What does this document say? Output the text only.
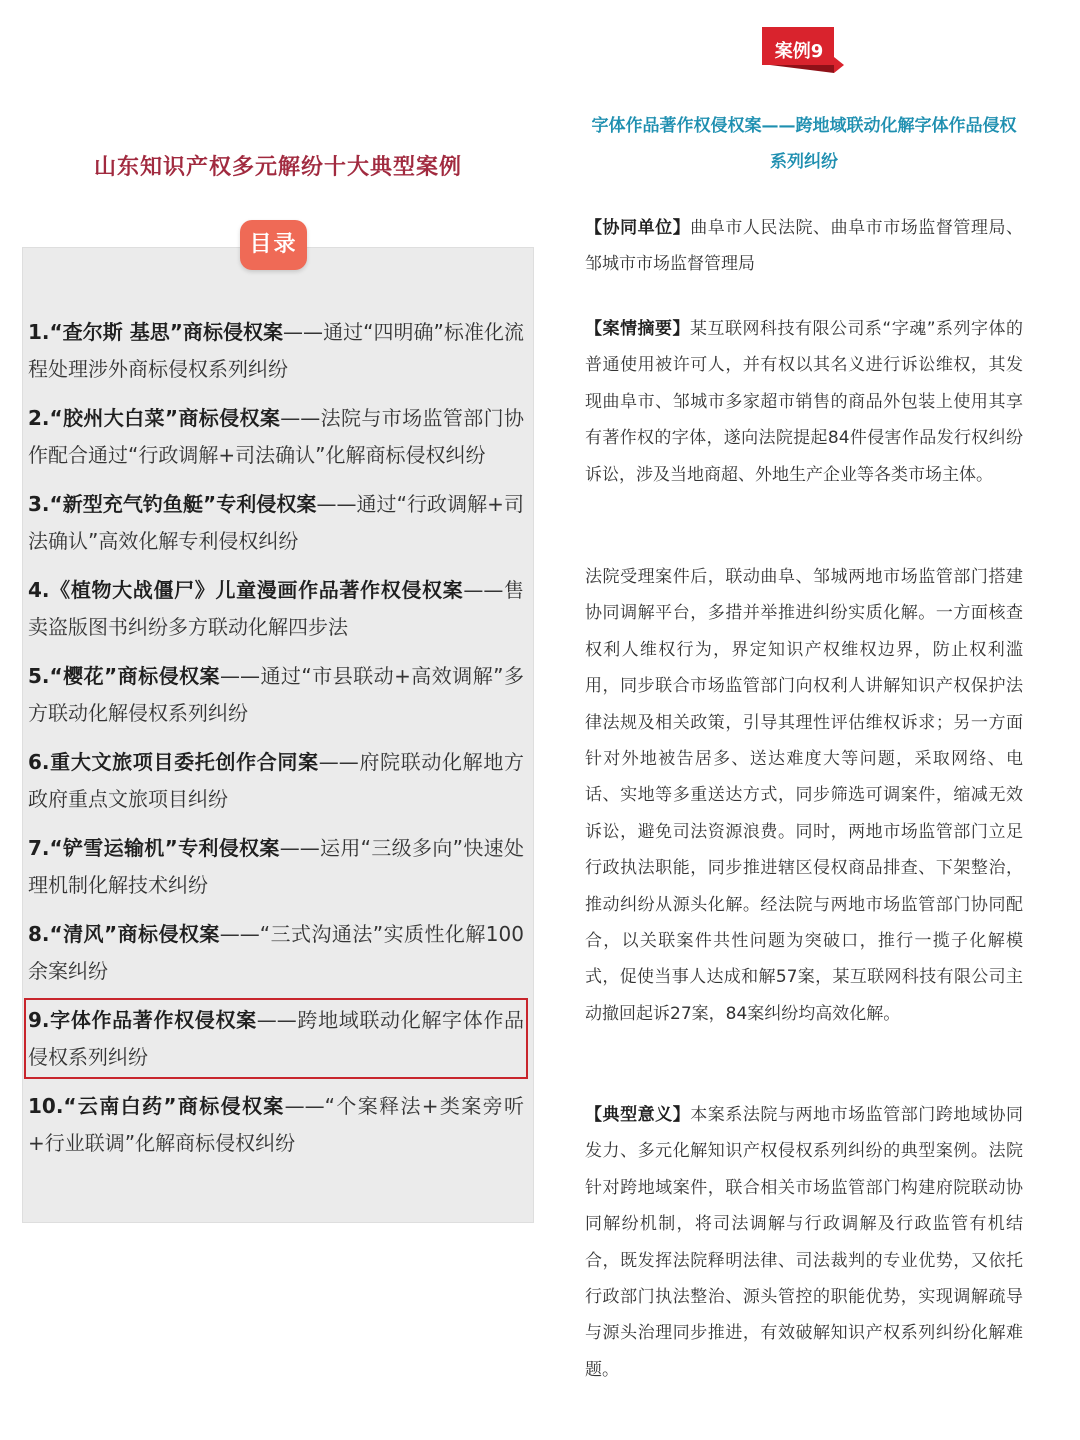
山东知识产权多元解纷十大典型案例
目录
1.“查尔斯 基思”商标侵权案——通过“四明确”标准化流程处理涉外商标侵权系列纠纷
2.“胶州大白菜”商标侵权案——法院与市场监管部门协作配合通过“行政调解+司法确认”化解商标侵权纠纷
3.“新型充气钓鱼艇”专利侵权案——通过“行政调解+司法确认”高效化解专利侵权纠纷
4.《植物大战僵尸》儿童漫画作品著作权侵权案——售卖盗版图书纠纷多方联动化解四步法
5.“樱花”商标侵权案——通过“市县联动+高效调解”多方联动化解侵权系列纠纷
6.重大文旅项目委托创作合同案——府院联动化解地方政府重点文旅项目纠纷
7.“铲雪运输机”专利侵权案——运用“三级多向”快速处理机制化解技术纠纷
8.“清风”商标侵权案——“三式沟通法”实质性化解100余案纠纷
9.字体作品著作权侵权案——跨地域联动化解字体作品侵权系列纠纷
10.“云南白药”商标侵权案——“个案释法+类案旁听+行业联调”化解商标侵权纠纷
案例9
字体作品著作权侵权案——跨地域联动化解字体作品侵权系列纠纷
【协同单位】曲阜市人民法院、曲阜市市场监督管理局、邹城市市场监督管理局
【案情摘要】某互联网科技有限公司系“字魂”系列字体的普通使用被许可人，并有权以其名义进行诉讼维权，其发现曲阜市、邹城市多家超市销售的商品外包装上使用其享有著作权的字体，遂向法院提起84件侵害作品发行权纠纷诉讼，涉及当地商超、外地生产企业等各类市场主体。
法院受理案件后，联动曲阜、邹城两地市场监管部门搭建协同调解平台，多措并举推进纠纷实质化解。一方面核查权利人维权行为，界定知识产权维权边界，防止权利滥用，同步联合市场监管部门向权利人讲解知识产权保护法律法规及相关政策，引导其理性评估维权诉求；另一方面针对外地被告居多、送达难度大等问题，采取网络、电话、实地等多重送达方式，同步筛选可调案件，缩减无效诉讼，避免司法资源浪费。同时，两地市场监管部门立足行政执法职能，同步推进辖区侵权商品排查、下架整治，推动纠纷从源头化解。经法院与两地市场监管部门协同配合，以关联案件共性问题为突破口，推行一揽子化解模式，促使当事人达成和解57案，某互联网科技有限公司主动撤回起诉27案，84案纠纷均高效化解。
【典型意义】本案系法院与两地市场监管部门跨地域协同发力、多元化解知识产权侵权系列纠纷的典型案例。法院针对跨地域案件，联合相关市场监管部门构建府院联动协同解纷机制，将司法调解与行政调解及行政监管有机结合，既发挥法院释明法律、司法裁判的专业优势，又依托行政部门执法整治、源头管控的职能优势，实现调解疏导与源头治理同步推进，有效破解知识产权系列纠纷化解难题。
